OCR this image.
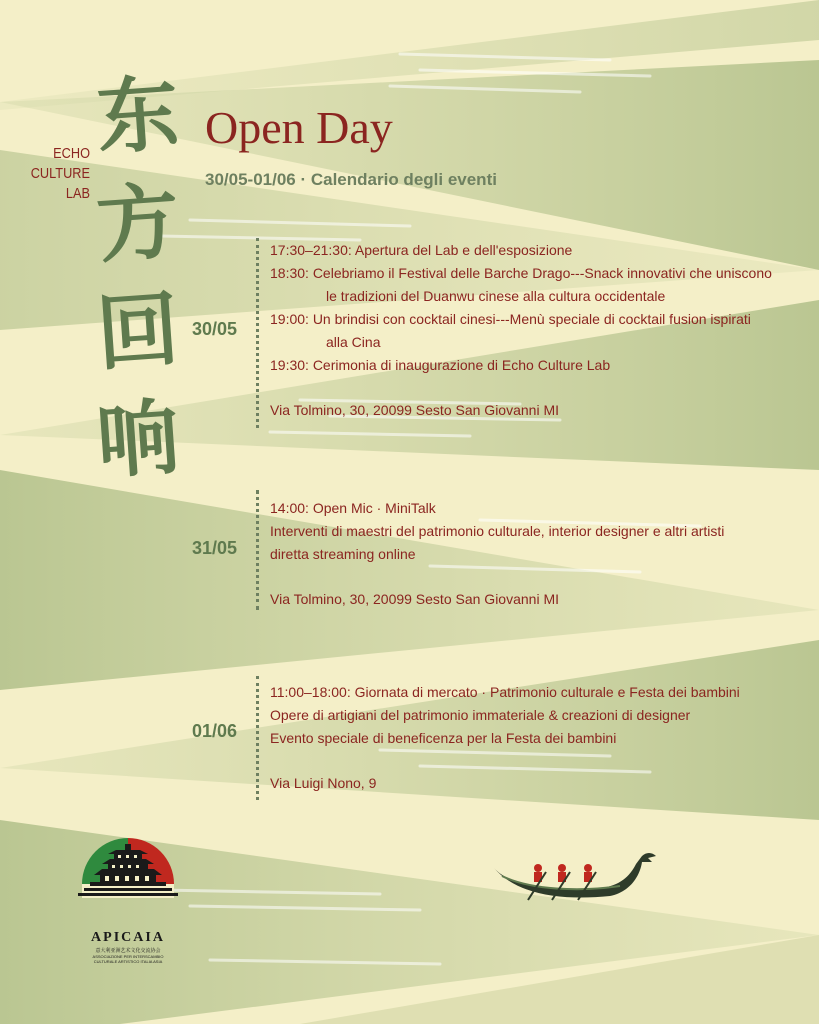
ECHO
CULTURE
LAB
东
方
回
响
Open Day
30/05-01/06 · Calendario degli eventi
30/05
17:30–21:30: Apertura del Lab e dell'esposizione
18:30: Celebriamo il Festival delle Barche Drago---Snack innovativi che uniscono
le tradizioni del Duanwu cinese alla cultura occidentale
19:00: Un brindisi con cocktail cinesi---Menù speciale di cocktail fusion ispirati
alla Cina
19:30: Cerimonia di inaugurazione di Echo Culture Lab
Via Tolmino, 30, 20099 Sesto San Giovanni MI
31/05
14:00: Open Mic · MiniTalk
Interventi di maestri del patrimonio culturale, interior designer e altri artisti
diretta streaming online
Via Tolmino, 30, 20099 Sesto San Giovanni MI
01/06
11:00–18:00: Giornata di mercato · Patrimonio culturale e Festa dei bambini
Opere di artigiani del patrimonio immateriale & creazioni di designer
Evento speciale di beneficenza per la Festa dei bambini
Via Luigi Nono, 9
APICAIA
意大利亚洲艺术文化交流协会
ASSOCIAZIONE PER INTERSCAMBIO
CULTURALE ARTISTICO ITALIA ASIA
